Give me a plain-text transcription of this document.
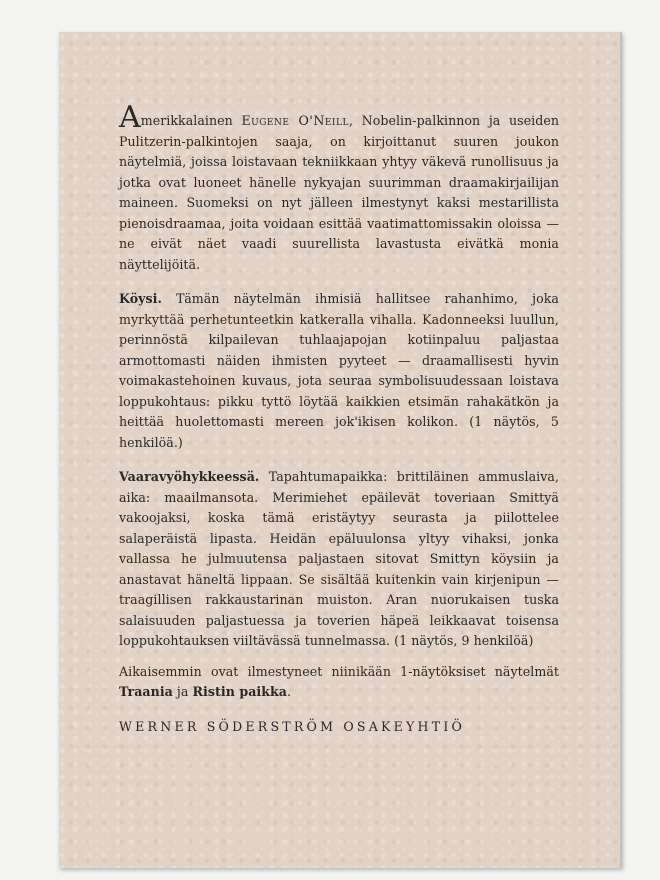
Amerikkalainen Eugene O'Neill, Nobelin-palkinnon ja useiden Pulitzerin-palkintojen saaja, on kirjoittanut suuren joukon näytelmiä, joissa loistavaan tekniikkaan yhtyy väkevä runollisuus ja jotka ovat luoneet hänelle nykyajan suurimman draamakirjailijan maineen. Suomeksi on nyt jälleen ilmestynyt kaksi mestarillista pienoisdraamaa, joita voidaan esittää vaatimattomissakin oloissa — ne eivät näet vaadi suurellista lavastusta eivätkä monia näyttelijöitä.

Köysi. Tämän näytelmän ihmisiä hallitsee rahanhimo, joka myrkyttää perhetunteetkin katkeralla vihalla. Kadonneeksi luullun, perinnöstä kilpailevan tuhlaajapojan kotiinpaluu paljastaa armottomasti näiden ihmisten pyyteet — draamallisesti hyvin voimakastehoinen kuvaus, jota seuraa symbolisuudessaan loistava loppukohtaus: pikku tyttö löytää kaikkien etsimän rahakätkön ja heittää huolettomasti mereen jok'ikisen kolikon. (1 näytös, 5 henkilöä.)

Vaaravyöhykkeessä. Tapahtumapaikka: brittiläinen ammuslaiva, aika: maailmansota. Merimiehet epäilevät toveriaan Smittyä vakoojaksi, koska tämä eristäytyy seurasta ja piilottelee salaperäistä lipasta. Heidän epäluulonsa yltyy vihaksi, jonka vallassa he julmuutensa paljastaen sitovat Smittyn köysiin ja anastavat häneltä lippaan. Se sisältää kuitenkin vain kirjenipun — traagillisen rakkaustarinan muiston. Aran nuorukaisen tuska salaisuuden paljastuessa ja toverien häpeä leikkaavat toisensa loppukohtauksen viiltävässä tunnelmassa. (1 näytös, 9 henkilöä)

Aikaisemmin ovat ilmestyneet niinikään 1-näytöksiset näytelmät Traania ja Ristin paikka.

WERNER SÖDERSTRÖM OSAKEYHTIÖ
